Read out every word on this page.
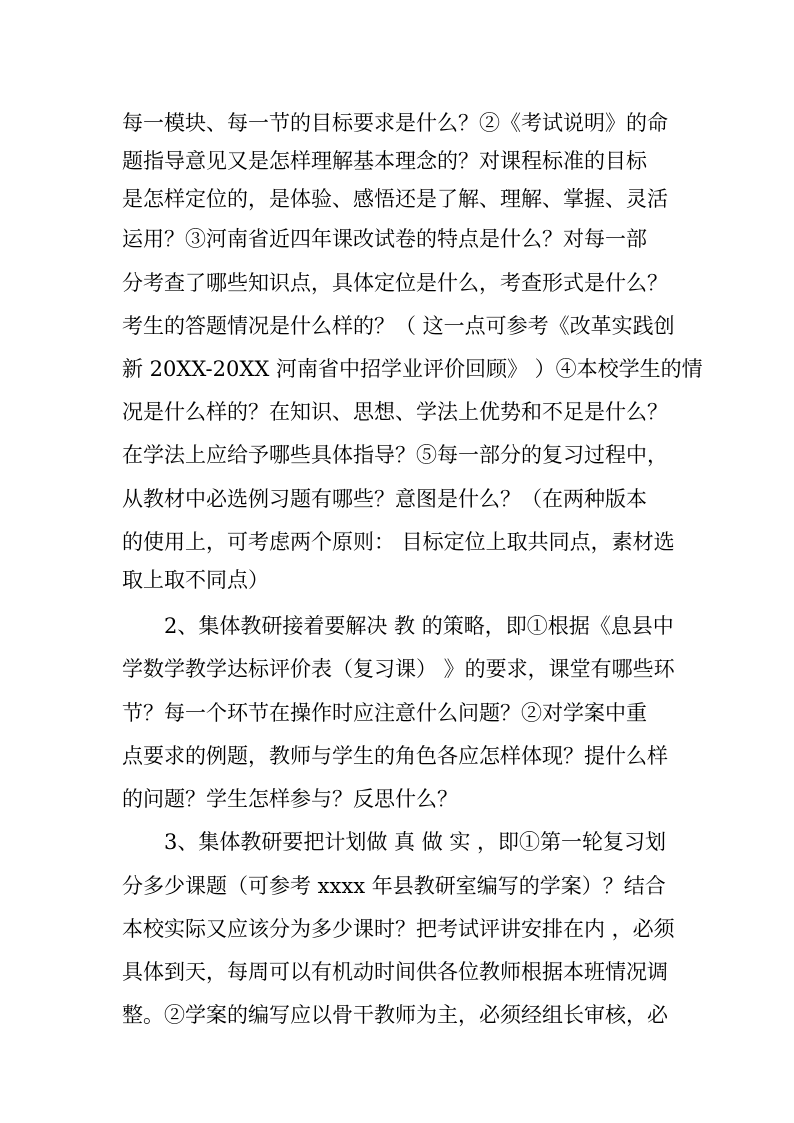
每一模块、每一节的目标要求是什么？②《考试说明》的命
题指导意见又是怎样理解基本理念的？对课程标准的目标
是怎样定位的，是体验、感悟还是了解、理解、掌握、灵活
运用？③河南省近四年课改试卷的特点是什么？对每一部
分考查了哪些知识点，具体定位是什么，考查形式是什么？
考生的答题情况是什么样的？（ 这一点可参考《改革实践创
新 20XX-20XX 河南省中招学业评价回顾》 ）④本校学生的情
况是什么样的？在知识、思想、学法上优势和不足是什么？
在学法上应给予哪些具体指导？⑤每一部分的复习过程中，
从教材中必选例习题有哪些？意图是什么？（在两种版本
的使用上，可考虑两个原则： 目标定位上取共同点，素材选
取上取不同点）
2、集体教研接着要解决 教 的策略，即①根据《息县中
学数学教学达标评价表（复习课） 》的要求，课堂有哪些环
节？每一个环节在操作时应注意什么问题？②对学案中重
点要求的例题，教师与学生的角色各应怎样体现？提什么样
的问题？学生怎样参与？反思什么？
3、集体教研要把计划做 真 做 实 ，即①第一轮复习划
分多少课题（可参考 xxxx 年县教研室编写的学案）？结合
本校实际又应该分为多少课时？把考试评讲安排在内 ，必须
具体到天，每周可以有机动时间供各位教师根据本班情况调
整。②学案的编写应以骨干教师为主，必须经组长审核，必
